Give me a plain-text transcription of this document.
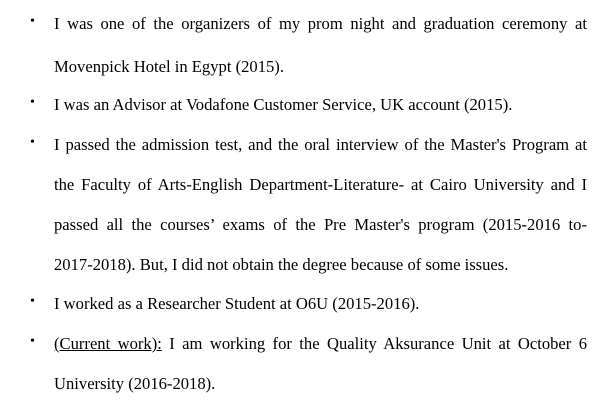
• I was one of the organizers of my prom night and graduation ceremony at
Movenpick Hotel in Egypt (2015).
• I was an Advisor at Vodafone Customer Service, UK account (2015).
• I passed the admission test, and the oral interview of the Master's Program at
the Faculty of Arts-English Department-Literature- at Cairo University and I
passed all the courses’ exams of the Pre Master's program (2015-2016 to-
2017-2018). But, I did not obtain the degree because of some issues.
• I worked as a Researcher Student at O6U (2015-2016).
• (Current work): I am working for the Quality Aksurance Unit at October 6
University (2016-2018).
